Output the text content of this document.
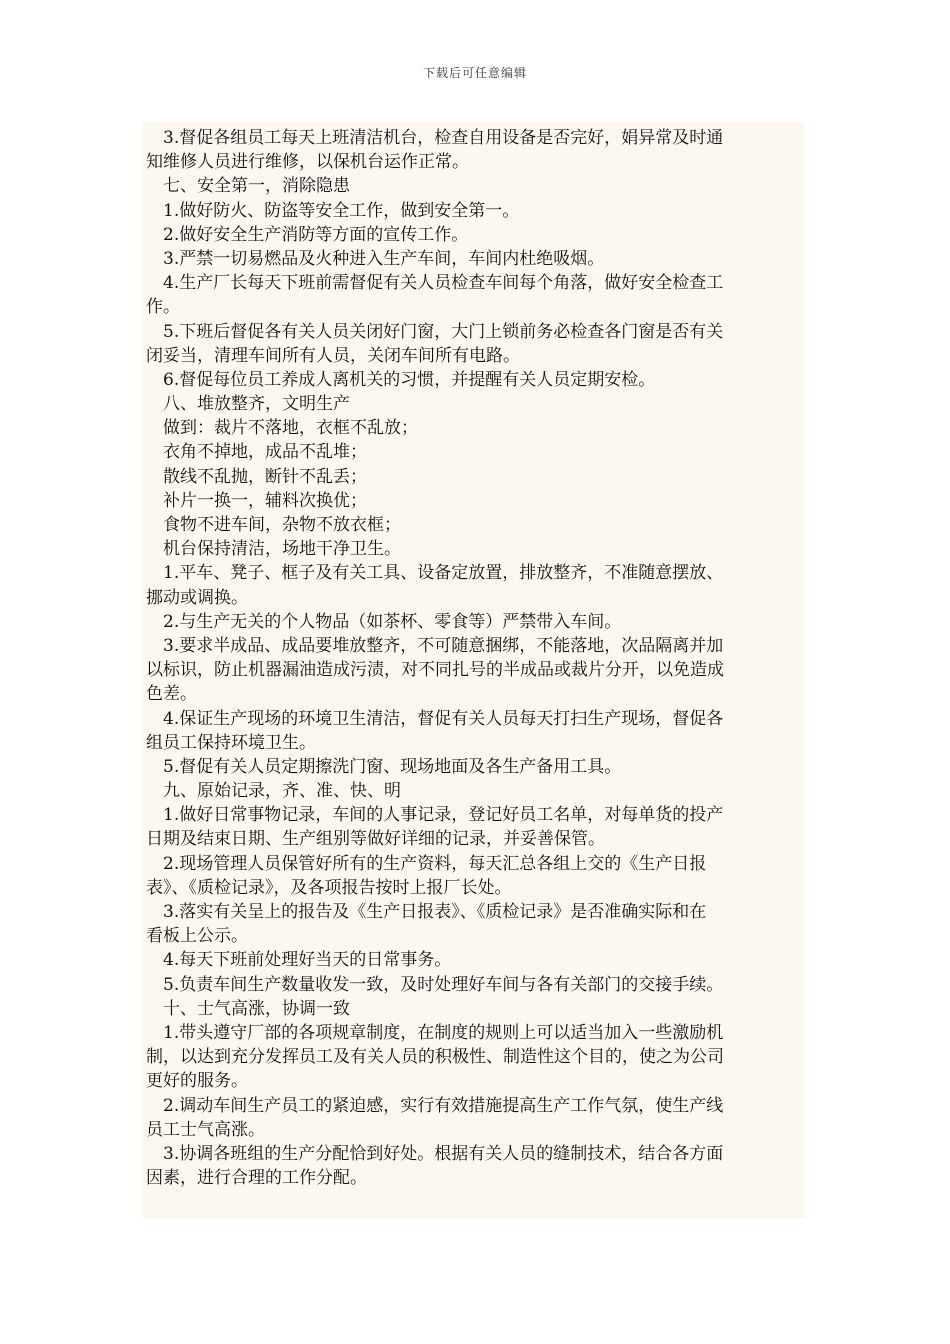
下载后可任意编辑
　3.督促各组员工每天上班清洁机台，检查自用设备是否完好，娟异常及时通
知维修人员进行维修，以保机台运作正常。
　七、安全第一，消除隐患
　1.做好防火、防盗等安全工作，做到安全第一。
　2.做好安全生产消防等方面的宣传工作。
　3.严禁一切易燃品及火种进入生产车间，车间内杜绝吸烟。
　4.生产厂长每天下班前需督促有关人员检查车间每个角落，做好安全检查工
作。
　5.下班后督促各有关人员关闭好门窗，大门上锁前务必检查各门窗是否有关
闭妥当，清理车间所有人员，关闭车间所有电路。
　6.督促每位员工养成人离机关的习惯，并提醒有关人员定期安检。
　八、堆放整齐，文明生产
　做到：裁片不落地，衣框不乱放；
　衣角不掉地，成品不乱堆；
　散线不乱抛，断针不乱丢；
　补片一换一，辅料次换优；
　食物不进车间，杂物不放衣框；
　机台保持清洁，场地干净卫生。
　1.平车、凳子、框子及有关工具、设备定放置，排放整齐，不准随意摆放、
挪动或调换。
　2.与生产无关的个人物品（如茶杯、零食等）严禁带入车间。
　3.要求半成品、成品要堆放整齐，不可随意捆绑，不能落地，次品隔离并加
以标识，防止机器漏油造成污渍，对不同扎号的半成品或裁片分开，以免造成
色差。
　4.保证生产现场的环境卫生清洁，督促有关人员每天打扫生产现场，督促各
组员工保持环境卫生。
　5.督促有关人员定期擦洗门窗、现场地面及各生产备用工具。
　九、原始记录，齐、准、快、明
　1.做好日常事物记录，车间的人事记录，登记好员工名单，对每单货的投产
日期及结束日期、生产组别等做好详细的记录，并妥善保管。
　2.现场管理人员保管好所有的生产资料，每天汇总各组上交的《生产日报
表》、《质检记录》，及各项报告按时上报厂长处。
　3.落实有关呈上的报告及《生产日报表》、《质检记录》是否准确实际和在
看板上公示。
　4.每天下班前处理好当天的日常事务。
　5.负责车间生产数量收发一致，及时处理好车间与各有关部门的交接手续。
　十、士气高涨，协调一致
　1.带头遵守厂部的各项规章制度，在制度的规则上可以适当加入一些激励机
制，以达到充分发挥员工及有关人员的积极性、制造性这个目的，使之为公司
更好的服务。
　2.调动车间生产员工的紧迫感，实行有效措施提高生产工作气氛，使生产线
员工士气高涨。
　3.协调各班组的生产分配恰到好处。根据有关人员的缝制技术，结合各方面
因素，进行合理的工作分配。
